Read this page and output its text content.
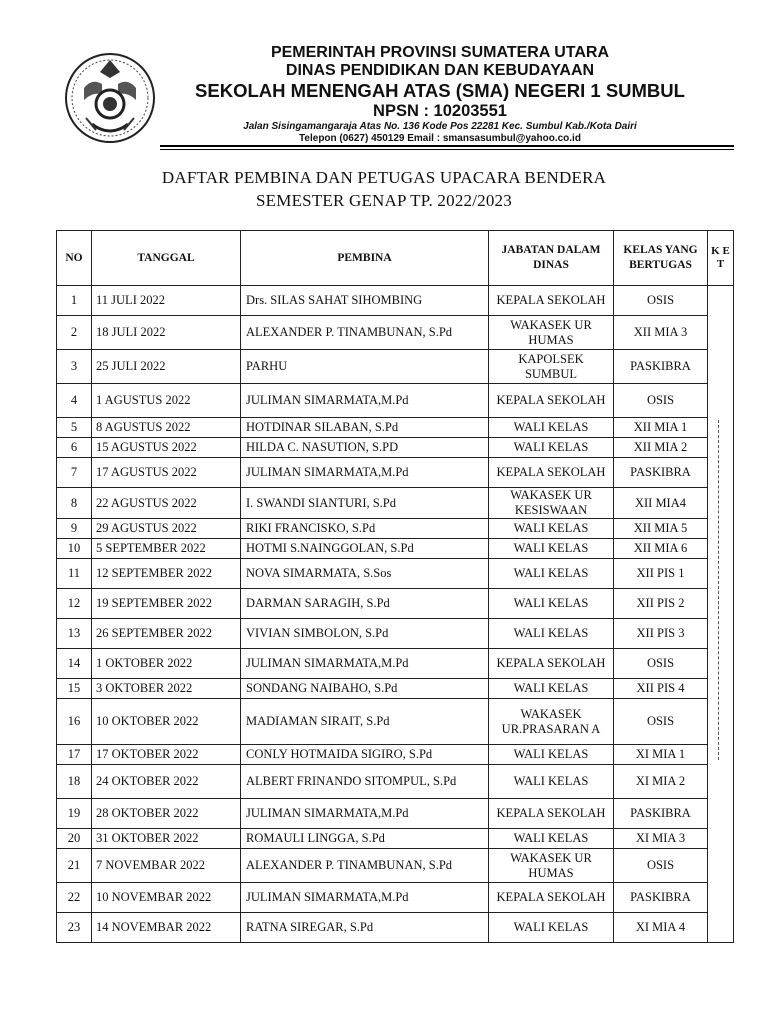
PEMERINTAH PROVINSI SUMATERA UTARA
DINAS PENDIDIKAN DAN KEBUDAYAAN
SEKOLAH MENENGAH ATAS (SMA) NEGERI 1 SUMBUL
NPSN : 10203551
Jalan Sisingamangaraja Atas No. 136 Kode Pos 22281 Kec. Sumbul Kab./Kota Dairi
Telepon (0627) 450129 Email : smansasumbul@yahoo.co.id
DAFTAR PEMBINA DAN PETUGAS UPACARA BENDERA
SEMESTER GENAP TP. 2022/2023
NO	TANGGAL	PEMBINA	JABATAN DALAM DINAS	KELAS YANG BERTUGAS	K E T
1	11 JULI 2022	Drs. SILAS SAHAT SIHOMBING	KEPALA SEKOLAH	OSIS	
2	18 JULI 2022	ALEXANDER P. TINAMBUNAN, S.Pd	WAKASEK UR HUMAS	XII MIA 3	
3	25 JULI 2022	PARHU	KAPOLSEK SUMBUL	PASKIBRA	
4	1 AGUSTUS 2022	JULIMAN SIMARMATA,M.Pd	KEPALA SEKOLAH	OSIS	
5	8 AGUSTUS 2022	HOTDINAR SILABAN, S.Pd	WALI KELAS	XII MIA 1	
6	15 AGUSTUS 2022	HILDA C. NASUTION, S.PD	WALI KELAS	XII MIA 2	
7	17 AGUSTUS 2022	JULIMAN SIMARMATA,M.Pd	KEPALA SEKOLAH	PASKIBRA	
8	22 AGUSTUS 2022	I. SWANDI SIANTURI, S.Pd	WAKASEK UR KESISWAAN	XII MIA4	
9	29 AGUSTUS 2022	RIKI FRANCISKO, S.Pd	WALI KELAS	XII MIA 5	
10	5 SEPTEMBER 2022	HOTMI S.NAINGGOLAN, S.Pd	WALI KELAS	XII MIA 6	
11	12 SEPTEMBER 2022	NOVA SIMARMATA, S.Sos	WALI KELAS	XII PIS 1	
12	19 SEPTEMBER 2022	DARMAN SARAGIH, S.Pd	WALI KELAS	XII PIS 2	
13	26 SEPTEMBER 2022	VIVIAN SIMBOLON, S.Pd	WALI KELAS	XII PIS 3	
14	1 OKTOBER 2022	JULIMAN SIMARMATA,M.Pd	KEPALA SEKOLAH	OSIS	
15	3 OKTOBER 2022	SONDANG NAIBAHO, S.Pd	WALI KELAS	XII PIS 4	
16	10 OKTOBER 2022	MADIAMAN SIRAIT, S.Pd	WAKASEK UR.PRASARAN A	OSIS	
17	17 OKTOBER 2022	CONLY HOTMAIDA SIGIRO, S.Pd	WALI KELAS	XI MIA 1	
18	24 OKTOBER 2022	ALBERT FRINANDO SITOMPUL, S.Pd	WALI KELAS	XI MIA 2	
19	28 OKTOBER 2022	JULIMAN SIMARMATA,M.Pd	KEPALA SEKOLAH	PASKIBRA	
20	31 OKTOBER 2022	ROMAULI LINGGA, S.Pd	WALI KELAS	XI MIA 3	
21	7 NOVEMBAR 2022	ALEXANDER P. TINAMBUNAN, S.Pd	WAKASEK UR HUMAS	OSIS	
22	10 NOVEMBAR 2022	JULIMAN SIMARMATA,M.Pd	KEPALA SEKOLAH	PASKIBRA	
23	14 NOVEMBAR 2022	RATNA SIREGAR, S.Pd	WALI KELAS	XI MIA 4	
